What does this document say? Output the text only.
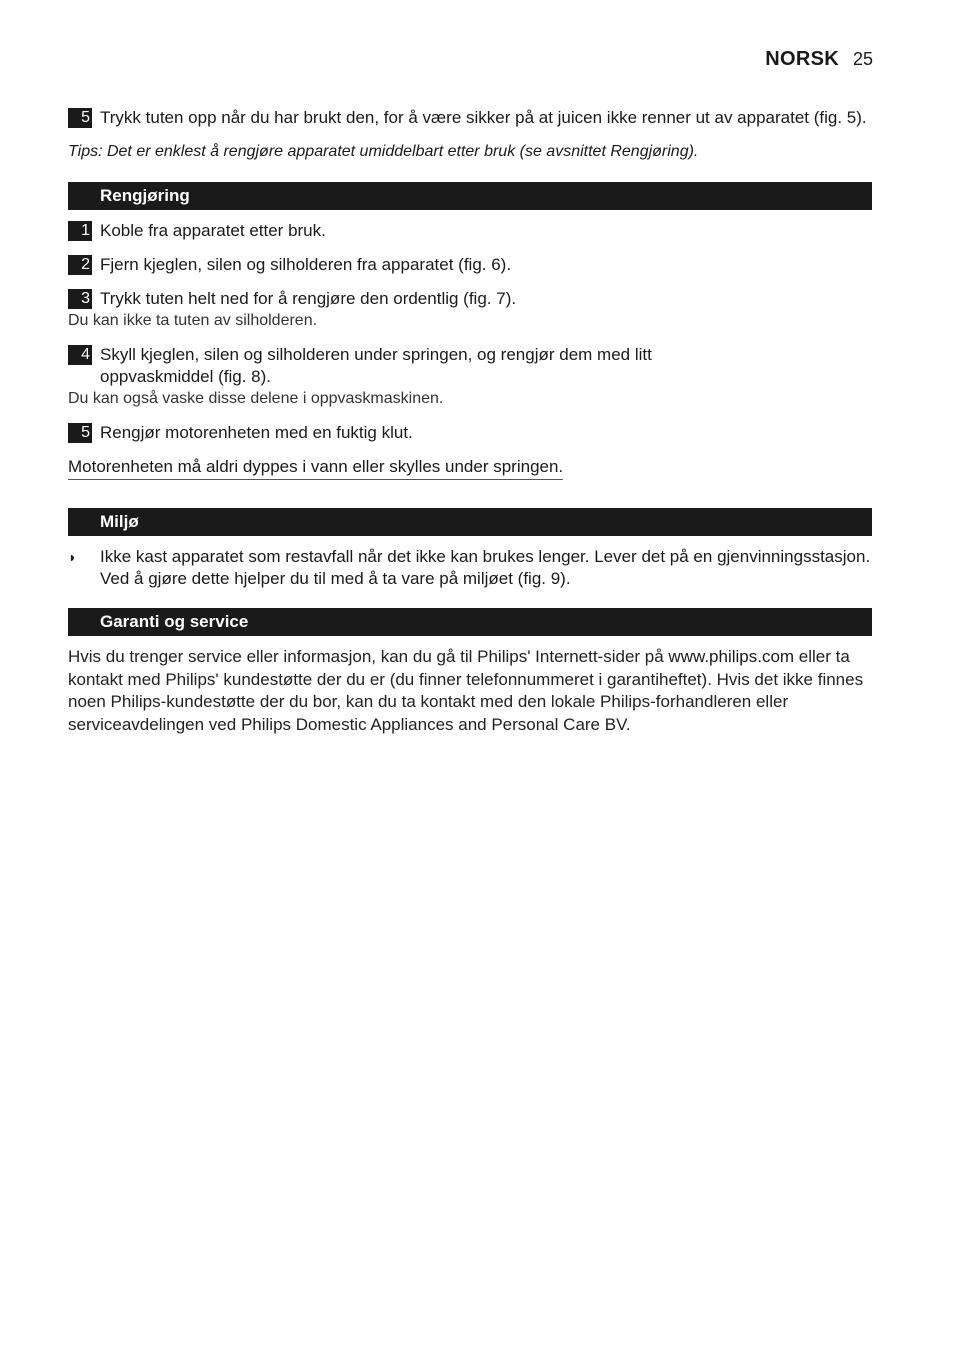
NORSK 25
5 Trykk tuten opp når du har brukt den, for å være sikker på at juicen ikke renner ut av apparatet (fig. 5).
Tips: Det er enklest å rengjøre apparatet umiddelbart etter bruk (se avsnittet Rengjøring).
Rengjøring
1 Koble fra apparatet etter bruk.
2 Fjern kjeglen, silen og silholderen fra apparatet (fig. 6).
3 Trykk tuten helt ned for å rengjøre den ordentlig (fig. 7).
Du kan ikke ta tuten av silholderen.
4 Skyll kjeglen, silen og silholderen under springen, og rengjør dem med litt oppvaskmiddel (fig. 8).
Du kan også vaske disse delene i oppvaskmaskinen.
5 Rengjør motorenheten med en fuktig klut.
Motorenheten må aldri dyppes i vann eller skylles under springen.
Miljø
◗	Ikke kast apparatet som restavfall når det ikke kan brukes lenger. Lever det på en gjenvinningsstasjon. Ved å gjøre dette hjelper du til med å ta vare på miljøet (fig. 9).
Garanti og service
Hvis du trenger service eller informasjon, kan du gå til Philips' Internett-sider på www.philips.com eller ta kontakt med Philips' kundestøtte der du er (du finner telefonnummeret i garantiheftet). Hvis det ikke finnes noen Philips-kundestøtte der du bor, kan du ta kontakt med den lokale Philips-forhandleren eller serviceavdelingen ved Philips Domestic Appliances and Personal Care BV.
